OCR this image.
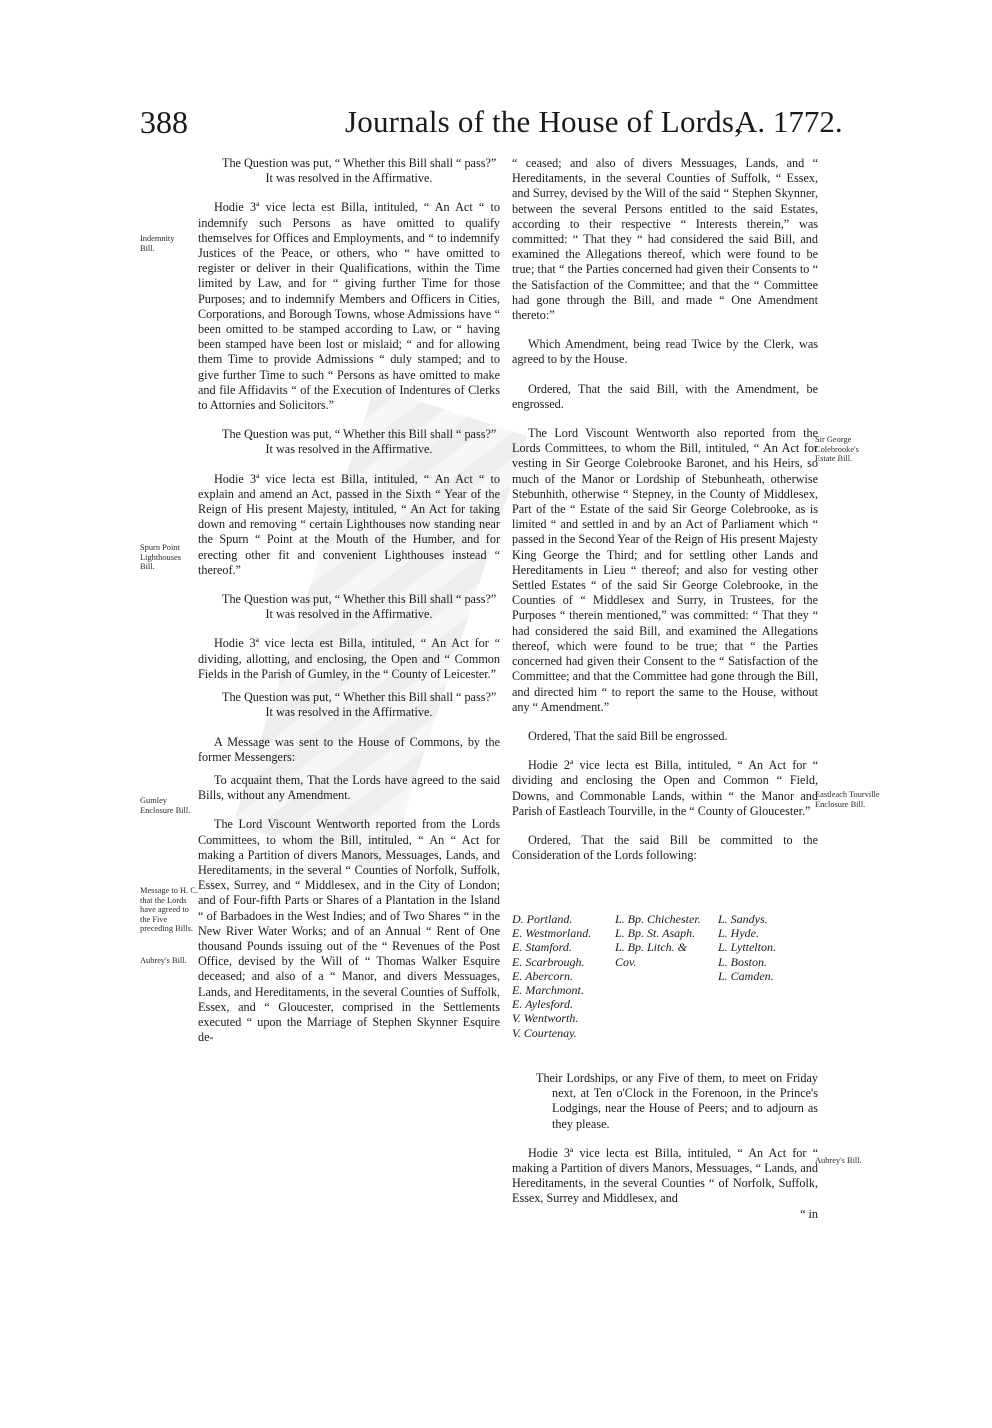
388	Journals of the House of Lords,
A. 1772.
Indemnity Bill.
Spurn Point Lighthouses Bill.
Gumley Enclosure Bill.
Message to H. C. that the Lords have agreed to the Five preceding Bills.
Aubrey's Bill.
Sir George Colebrooke's Estate Bill.
Eastleach Tourville Enclosure Bill.
Aubrey's Bill.

The Question was put, “ Whether this Bill shall “ pass?”

It was resolved in the Affirmative.

Hodie 3ª vice lecta est Billa, intituled, “ An Act “ to indemnify such Persons as have omitted to qualify themselves for Offices and Employments, and “ to indemnify Justices of the Peace, or others, who “ have omitted to register or deliver in their Qualifications, within the Time limited by Law, and for “ giving further Time for those Purposes; and to indemnify Members and Officers in Cities, Corporations, and Borough Towns, whose Admissions have “ been omitted to be stamped according to Law, or “ having been stamped have been lost or mislaid; “ and for allowing them Time to provide Admissions “ duly stamped; and to give further Time to such “ Persons as have omitted to make and file Affidavits “ of the Execution of Indentures of Clerks to Attornies and Solicitors.”

The Question was put, “ Whether this Bill shall “ pass?”

It was resolved in the Affirmative.

Hodie 3ª vice lecta est Billa, intituled, “ An Act “ to explain and amend an Act, passed in the Sixth “ Year of the Reign of His present Majesty, intituled, “ An Act for taking down and removing “ certain Lighthouses now standing near the Spurn “ Point at the Mouth of the Humber, and for erecting other fit and convenient Lighthouses instead “ thereof.”

The Question was put, “ Whether this Bill shall “ pass?”

It was resolved in the Affirmative.

Hodie 3ª vice lecta est Billa, intituled, “ An Act for “ dividing, allotting, and enclosing, the Open and “ Common Fields in the Parish of Gumley, in the “ County of Leicester.”

The Question was put, “ Whether this Bill shall “ pass?”

It was resolved in the Affirmative.

A Message was sent to the House of Commons, by the former Messengers:

To acquaint them, That the Lords have agreed to the said Bills, without any Amendment.

The Lord Viscount Wentworth reported from the Lords Committees, to whom the Bill, intituled, “ An “ Act for making a Partition of divers Manors, Messuages, Lands, and Hereditaments, in the several “ Counties of Norfolk, Suffolk, Essex, Surrey, and “ Middlesex, and in the City of London; and of Four-fifth Parts or Shares of a Plantation in the Island “ of Barbadoes in the West Indies; and of Two Shares “ in the New River Water Works; and of an Annual “ Rent of One thousand Pounds issuing out of the “ Revenues of the Post Office, devised by the Will of “ Thomas Walker Esquire deceased; and also of a “ Manor, and divers Messuages, Lands, and Hereditaments, in the several Counties of Suffolk, Essex, and “ Gloucester, comprised in the Settlements executed “ upon the Marriage of Stephen Skynner Esquire de-

“ ceased; and also of divers Messuages, Lands, and “ Hereditaments, in the several Counties of Suffolk, “ Essex, and Surrey, devised by the Will of the said “ Stephen Skynner, between the several Persons entitled to the said Estates, according to their respective “ Interests therein,” was committed: “ That they “ had considered the said Bill, and examined the Allegations thereof, which were found to be true; that “ the Parties concerned had given their Consents to “ the Satisfaction of the Committee; and that the “ Committee had gone through the Bill, and made “ One Amendment thereto:”

Which Amendment, being read Twice by the Clerk, was agreed to by the House.

Ordered, That the said Bill, with the Amendment, be engrossed.

The Lord Viscount Wentworth also reported from the Lords Committees, to whom the Bill, intituled, “ An Act for vesting in Sir George Colebrooke Baronet, and his Heirs, so much of the Manor or Lordship of Stebunheath, otherwise Stebunhith, otherwise “ Stepney, in the County of Middlesex, Part of the “ Estate of the said Sir George Colebrooke, as is limited “ and settled in and by an Act of Parliament which “ passed in the Second Year of the Reign of His present Majesty King George the Third; and for settling other Lands and Hereditaments in Lieu “ thereof; and also for vesting other Settled Estates “ of the said Sir George Colebrooke, in the Counties of “ Middlesex and Surry, in Trustees, for the Purposes “ therein mentioned,” was committed: “ That they “ had considered the said Bill, and examined the Allegations thereof, which were found to be true; that “ the Parties concerned had given their Consent to the “ Satisfaction of the Committee; and that the Committee had gone through the Bill, and directed him “ to report the same to the House, without any “ Amendment.”

Ordered, That the said Bill be engrossed.

Hodie 2ª vice lecta est Billa, intituled, “ An Act for “ dividing and enclosing the Open and Common “ Field, Downs, and Commonable Lands, within “ the Manor and Parish of Eastleach Tourville, in the “ County of Gloucester.”

Ordered, That the said Bill be committed to the Consideration of the Lords following:

D. Portland.
E. Westmorland.
E. Stamford.
E. Scarbrough.
E. Abercorn.
E. Marchmont.
E. Aylesford.
V. Wentworth.
V. Courtenay.
L. Bp. Chichester.
L. Bp. St. Asaph.
L. Bp. Litch. & Cov.
L. Sandys.
L. Hyde.
L. Lyttelton.
L. Boston.
L. Camden.

Their Lordships, or any Five of them, to meet on Friday next, at Ten o'Clock in the Forenoon, in the Prince's Lodgings, near the House of Peers; and to adjourn as they please.

Hodie 3ª vice lecta est Billa, intituled, “ An Act for “ making a Partition of divers Manors, Messuages, “ Lands, and Hereditaments, in the several Counties “ of Norfolk, Suffolk, Essex, Surrey and Middlesex, and

“ in
